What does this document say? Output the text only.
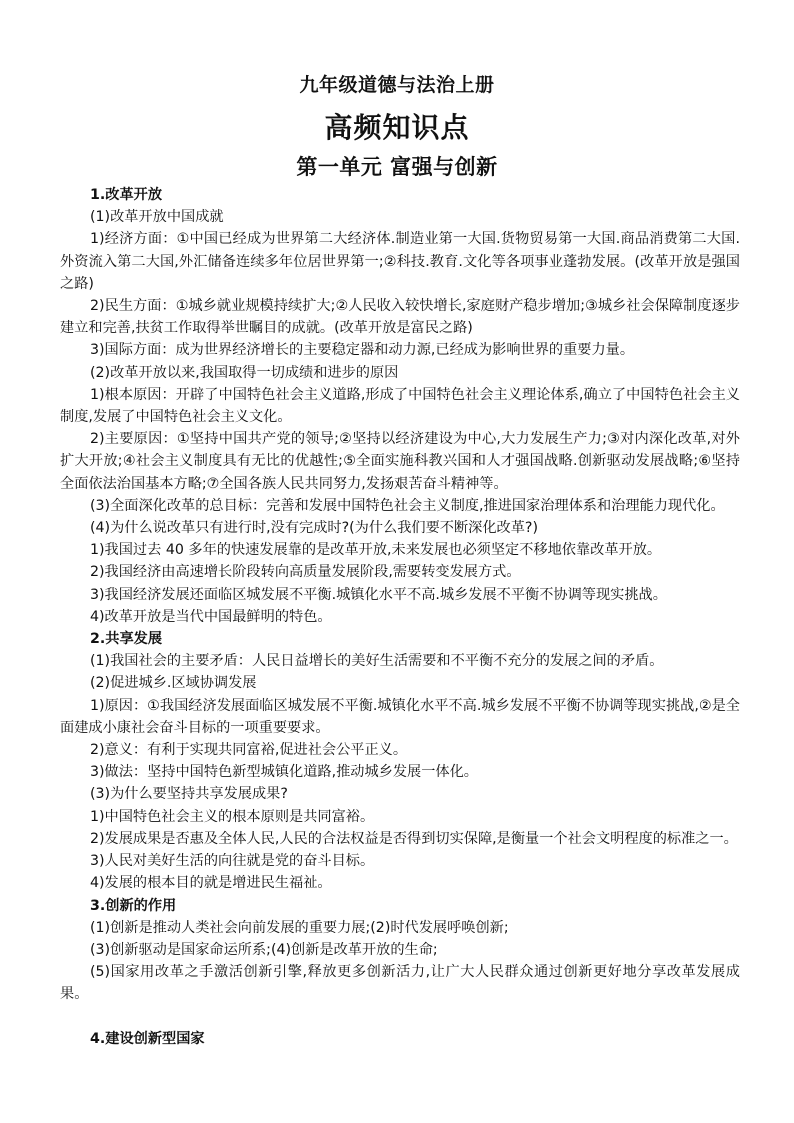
九年级道德与法治上册
高频知识点
第一单元 富强与创新
1.改革开放
(1)改革开放中国成就
1)经济方面：①中国已经成为世界第二大经济体.制造业第一大国.货物贸易第一大国.商品消费第二大国.外资流入第二大国,外汇储备连续多年位居世界第一;②科技.教育.文化等各项事业蓬勃发展。(改革开放是强国之路)
2)民生方面：①城乡就业规模持续扩大;②人民收入较快增长,家庭财产稳步增加;③城乡社会保障制度逐步建立和完善,扶贫工作取得举世瞩目的成就。(改革开放是富民之路)
3)国际方面：成为世界经济增长的主要稳定器和动力源,已经成为影响世界的重要力量。
(2)改革开放以来,我国取得一切成绩和进步的原因
1)根本原因：开辟了中国特色社会主义道路,形成了中国特色社会主义理论体系,确立了中国特色社会主义制度,发展了中国特色社会主义文化。
2)主要原因：①坚持中国共产党的领导;②坚持以经济建设为中心,大力发展生产力;③对内深化改革,对外扩大开放;④社会主义制度具有无比的优越性;⑤全面实施科教兴国和人才强国战略.创新驱动发展战略;⑥坚持全面依法治国基本方略;⑦全国各族人民共同努力,发扬艰苦奋斗精神等。
(3)全面深化改革的总目标：完善和发展中国特色社会主义制度,推进国家治理体系和治理能力现代化。
(4)为什么说改革只有进行时,没有完成时?(为什么我们要不断深化改革?)
1)我国过去 40 多年的快速发展靠的是改革开放,未来发展也必须坚定不移地依靠改革开放。
2)我国经济由高速增长阶段转向高质量发展阶段,需要转变发展方式。
3)我国经济发展还面临区城发展不平衡.城镇化水平不高.城乡发展不平衡不协调等现实挑战。
4)改革开放是当代中国最鲜明的特色。
2.共享发展
(1)我国社会的主要矛盾：人民日益增长的美好生活需要和不平衡不充分的发展之间的矛盾。
(2)促进城乡.区域协调发展
1)原因：①我国经济发展面临区城发展不平衡.城镇化水平不高.城乡发展不平衡不协调等现实挑战,②是全面建成小康社会奋斗目标的一项重要要求。
2)意义：有利于实现共同富裕,促进社会公平正义。
3)做法：坚持中国特色新型城镇化道路,推动城乡发展一体化。
(3)为什么要坚持共享发展成果?
1)中国特色社会主义的根本原则是共同富裕。
2)发展成果是否惠及全体人民,人民的合法权益是否得到切实保障,是衡量一个社会文明程度的标准之一。
3)人民对美好生活的向往就是党的奋斗目标。
4)发展的根本目的就是增进民生福祉。
3.创新的作用
(1)创新是推动人类社会向前发展的重要力展;(2)时代发展呼唤创新;
(3)创新驱动是国家命运所系;(4)创新是改革开放的生命;
(5)国家用改革之手激活创新引擎,释放更多创新活力,让广大人民群众通过创新更好地分享改革发展成果。
4.建设创新型国家
